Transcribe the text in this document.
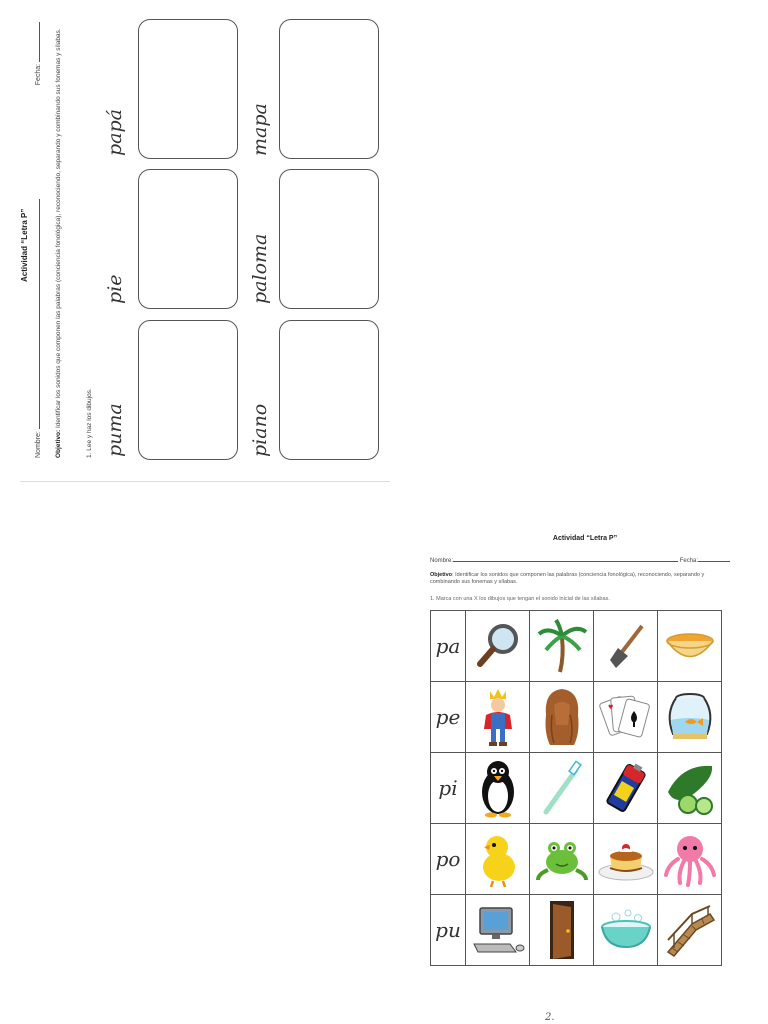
Actividad “Letra P”
Nombre:   Fecha:
Objetivo: Identificar los sonidos que componen las palabras (conciencia fonológica), reconociendo, separando y combinando sus fonemas y sílabas.	1. Lee y haz los dibujos. puma
pie
papá
piano
paloma
mapa
Actividad “Letra P”
Nombre:	Fecha:
Objetivo: Identificar los sonidos que componen las palabras (conciencia fonológica), reconociendo, separando y combinando sus fonemas y sílabas.
1. Marca con una X los dibujos que tengan el sonido inicial de las sílabas.
pa	

pe			♥

pi	

po	

pu	

2.
